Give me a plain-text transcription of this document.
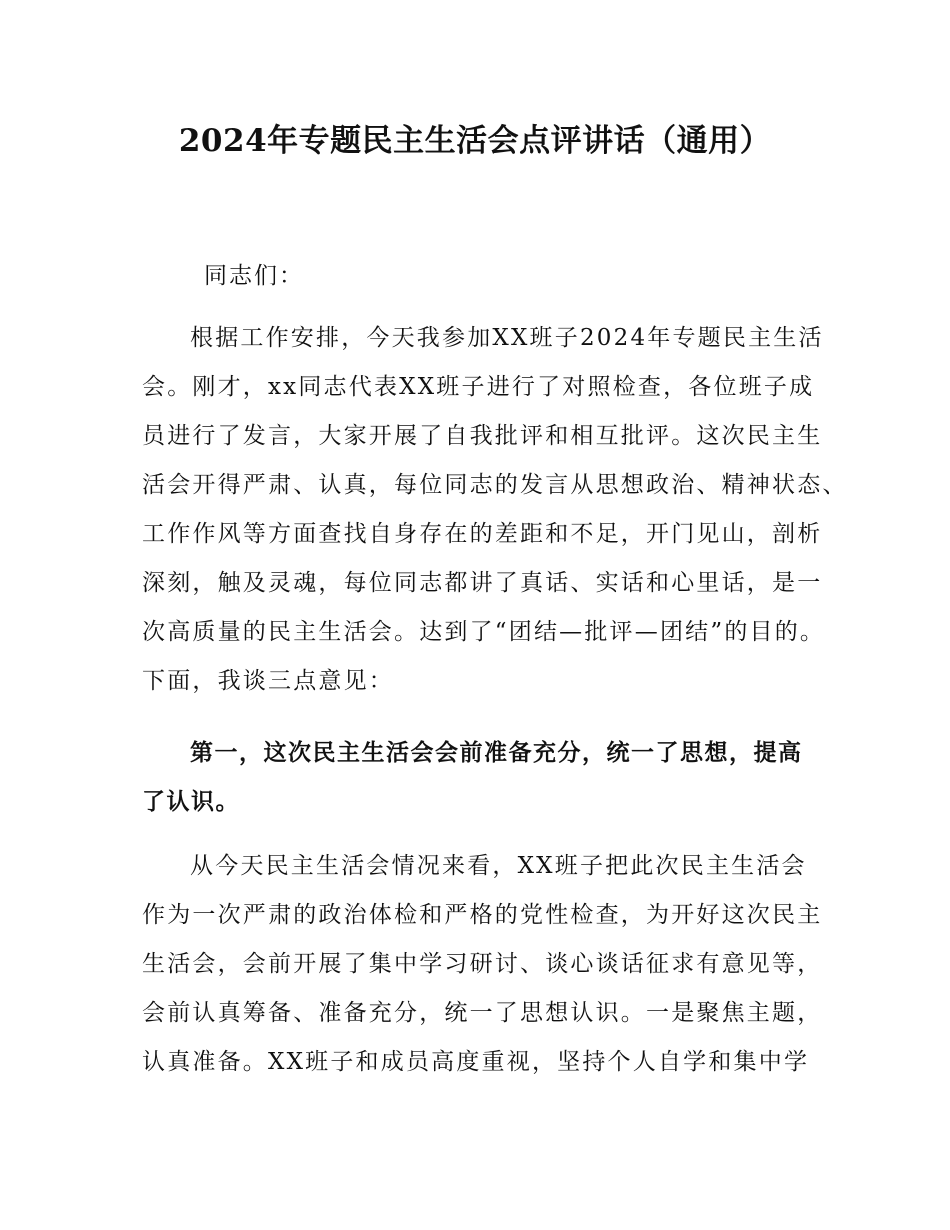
2024年专题民主生活会点评讲话（通用）

同志们：

根据工作安排，今天我参加XX班子2024年专题民主生活
会。刚才，xx同志代表XX班子进行了对照检查，各位班子成
员进行了发言，大家开展了自我批评和相互批评。这次民主生
活会开得严肃、认真，每位同志的发言从思想政治、精神状态、
工作作风等方面查找自身存在的差距和不足，开门见山，剖析
深刻，触及灵魂，每位同志都讲了真话、实话和心里话，是一
次高质量的民主生活会。达到了“团结—批评—团结”的目的。
下面，我谈三点意见：
第一，这次民主生活会会前准备充分，统一了思想，提高
了认识。
从今天民主生活会情况来看，XX班子把此次民主生活会
作为一次严肃的政治体检和严格的党性检查，为开好这次民主
生活会，会前开展了集中学习研讨、谈心谈话征求有意见等，
会前认真筹备、准备充分，统一了思想认识。一是聚焦主题，
认真准备。XX班子和成员高度重视，坚持个人自学和集中学
